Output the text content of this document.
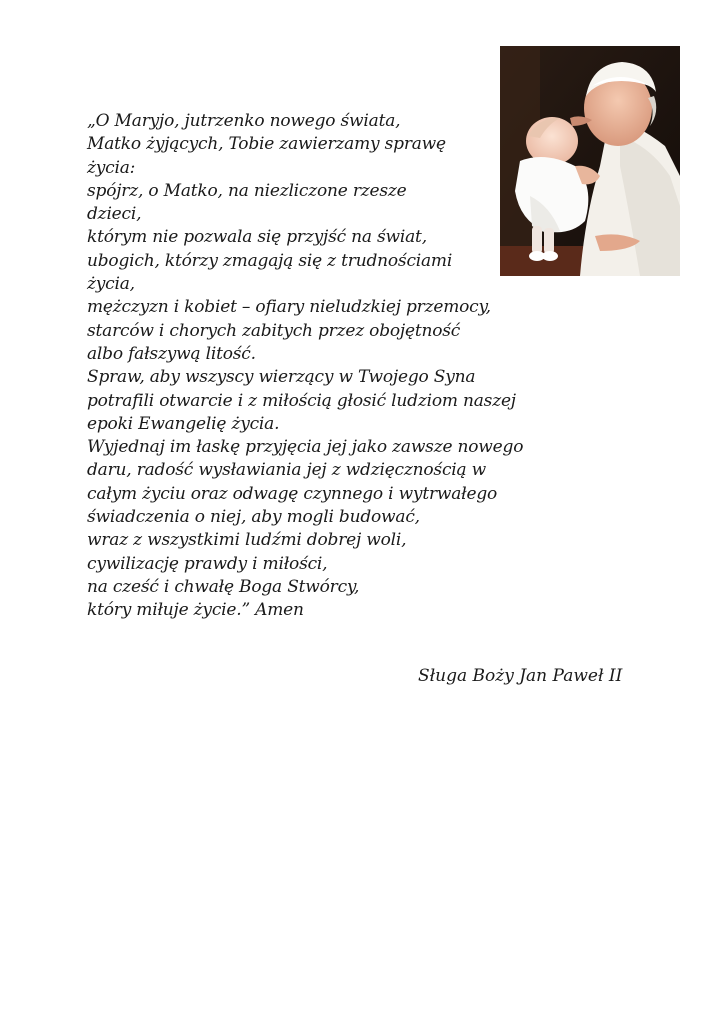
„O Maryjo, jutrzenko nowego świata,
Matko żyjących, Tobie zawierzamy sprawę
życia:
spójrz, o Matko, na niezliczone rzesze
dzieci,
którym nie pozwala się przyjść na świat,
ubogich, którzy zmagają się z trudnościami
życia,
mężczyzn i kobiet – ofiary nieludzkiej przemocy,
starców i chorych zabitych przez obojętność
albo fałszywą litość.
Spraw, aby wszyscy wierzący w Twojego Syna
potrafili otwarcie i z miłością głosić ludziom naszej
epoki Ewangelię życia.
Wyjednaj im łaskę przyjęcia jej jako zawsze nowego
daru, radość wysławiania jej z wdzięcznością w
całym życiu oraz odwagę czynnego i wytrwałego
świadczenia o niej, aby mogli budować,
wraz z wszystkimi ludźmi dobrej woli,
cywilizację prawdy i miłości,
na cześć i chwałę Boga Stwórcy,
który miłuje życie.” Amen
Sługa Boży Jan Paweł II
